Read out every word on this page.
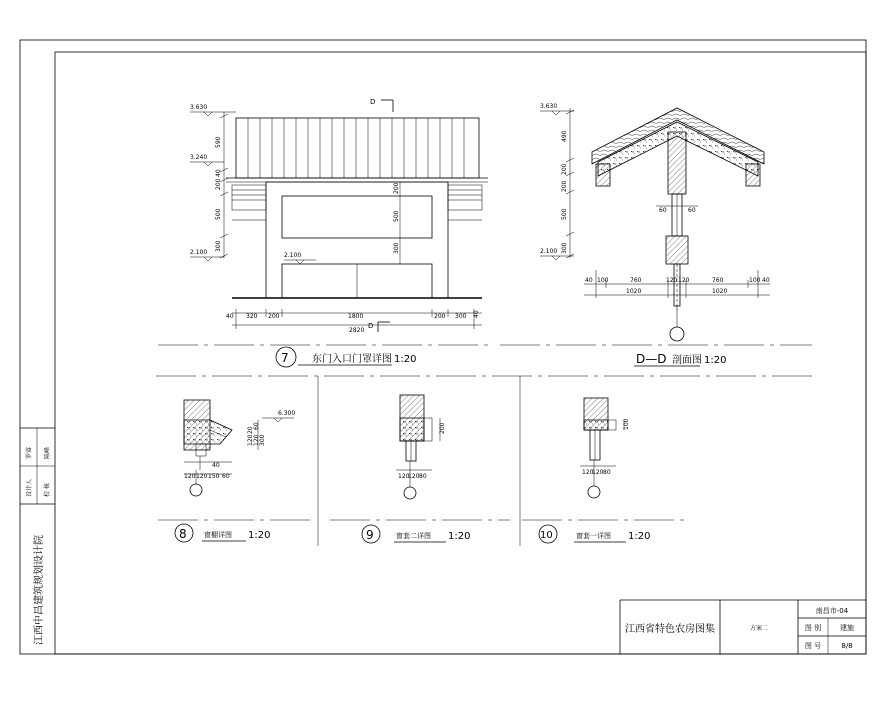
设计人
罗睿
校 核
陈峰
江西中昌建筑规划设计院	江西省特色农房图集	方案二
南昌市-04
图 别	建施
图 号	8/8
590
40
200
500
300
200
500
300
3.630
3.240
2.100	2.100
D
40 320 200	1800	200 300 40
2820
D
7 东门入口门罩详图 1:20
60	60
490
200
200
500
300
3.630
2.100
40 100	760	120 120	760	100 40
1020	1020
D—D 剖面图 1:20
20
120
60
120 300
6.300
40
120 120 150 60
8 窗棚详图 1:20
200
120
120 80
9	窗套二详图 1:20
100
120
120 80
10	窗套一详图 1:20
